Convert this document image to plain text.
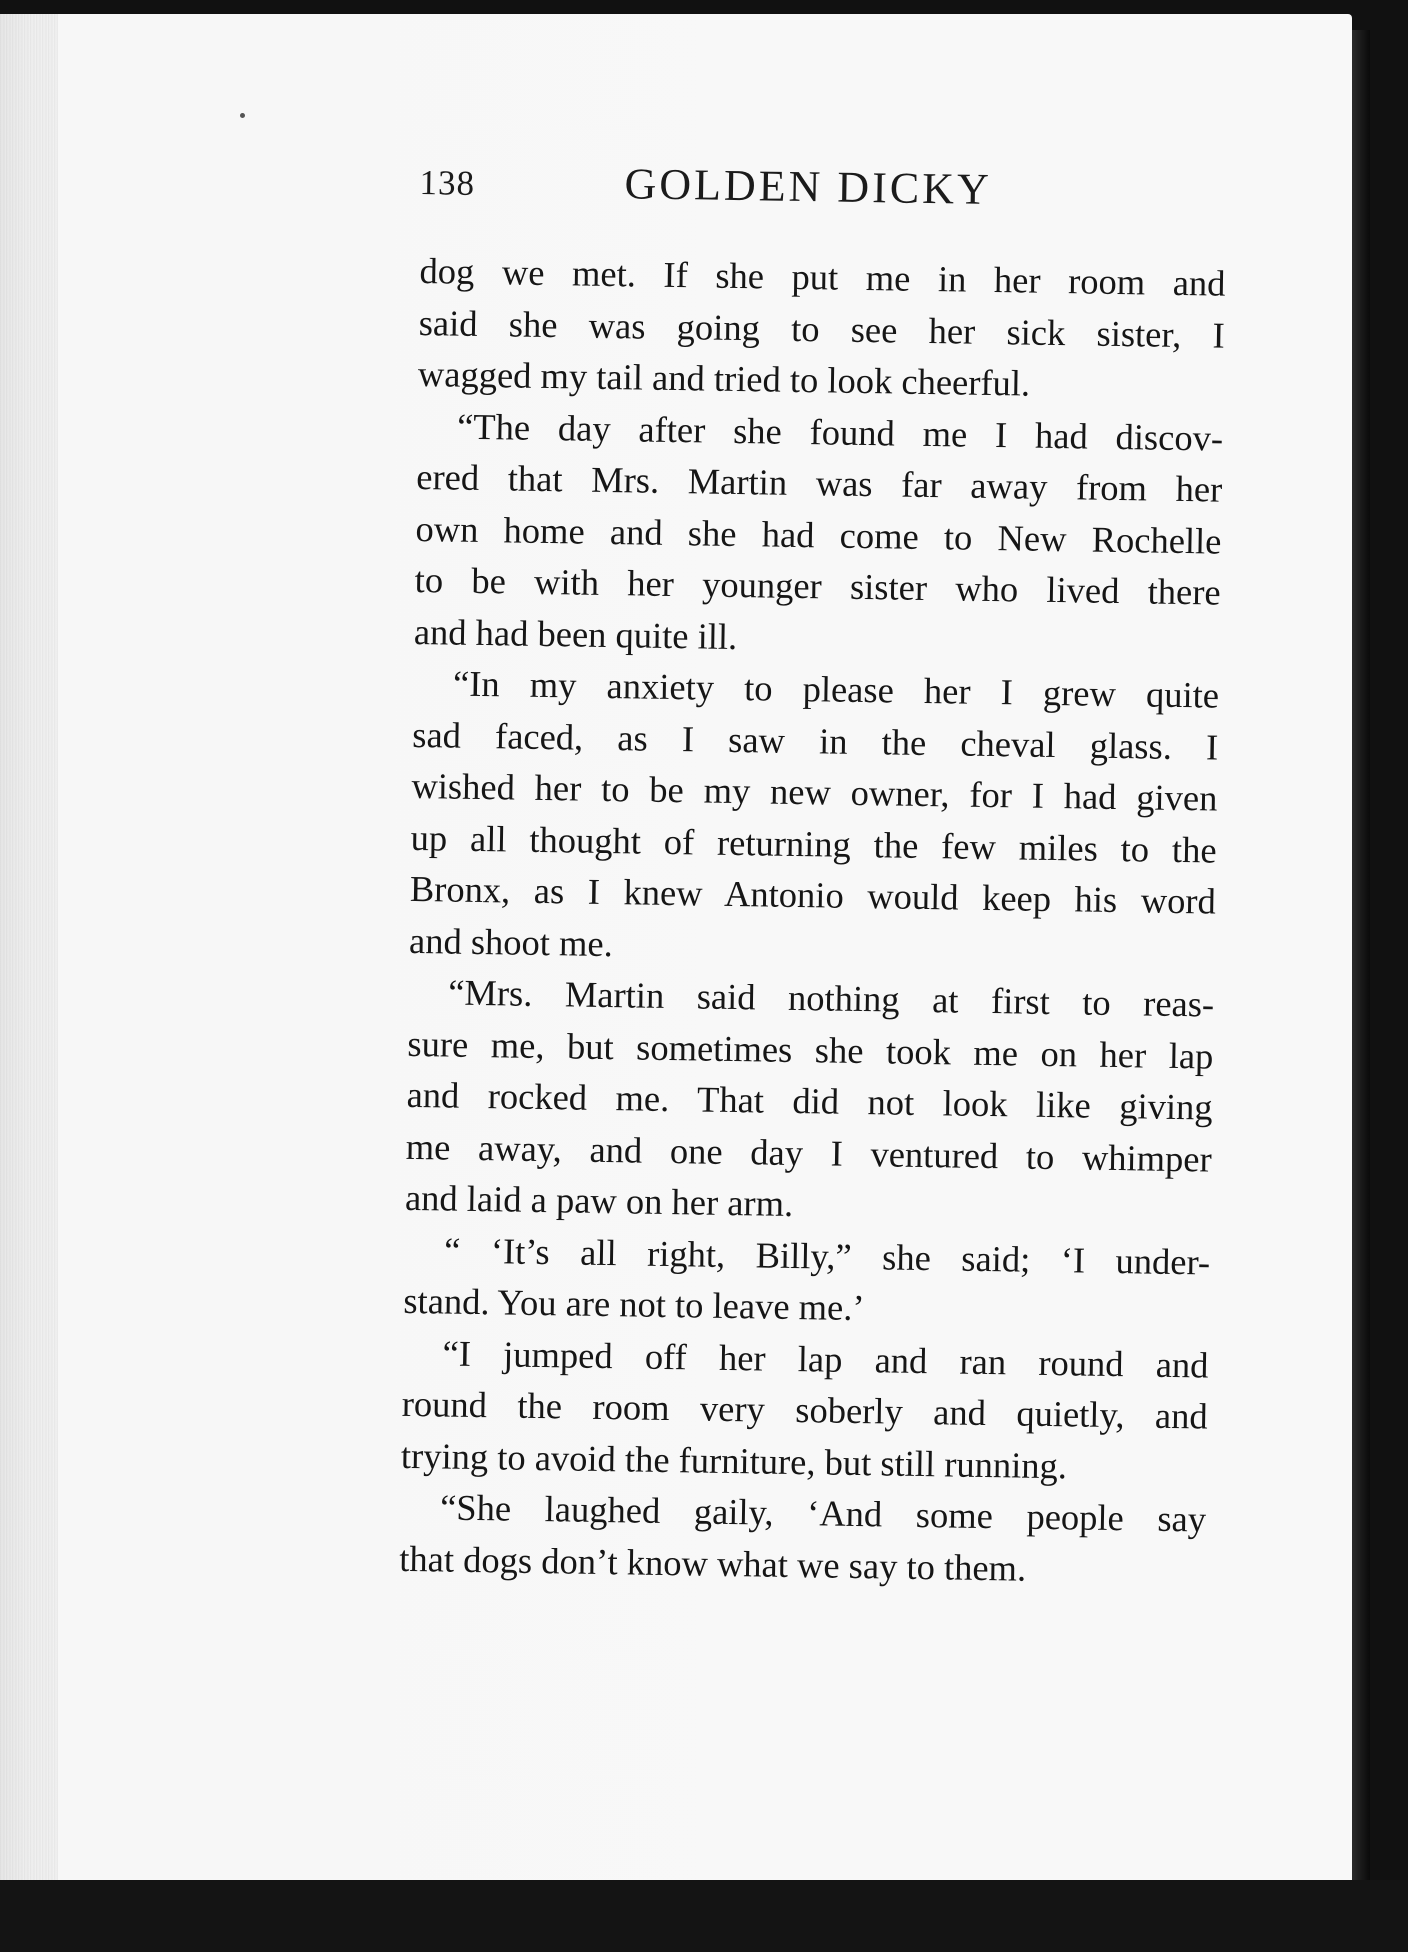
138	GOLDEN DICKY
dog we met. If she put me in her room and
said she was going to see her sick sister, I
wagged my tail and tried to look cheerful.
“The day after she found me I had discov-
ered that Mrs. Martin was far away from her
own home and she had come to New Rochelle
to be with her younger sister who lived there
and had been quite ill.
“In my anxiety to please her I grew quite
sad faced, as I saw in the cheval glass. I
wished her to be my new owner, for I had given
up all thought of returning the few miles to the
Bronx, as I knew Antonio would keep his word
and shoot me.
“Mrs. Martin said nothing at first to reas-
sure me, but sometimes she took me on her lap
and rocked me. That did not look like giving
me away, and one day I ventured to whimper
and laid a paw on her arm.
“ ‘It’s all right, Billy,” she said; ‘I under-
stand. You are not to leave me.’
“I jumped off her lap and ran round and
round the room very soberly and quietly, and
trying to avoid the furniture, but still running.
“She laughed gaily, ‘And some people say
that dogs don’t know what we say to them.
